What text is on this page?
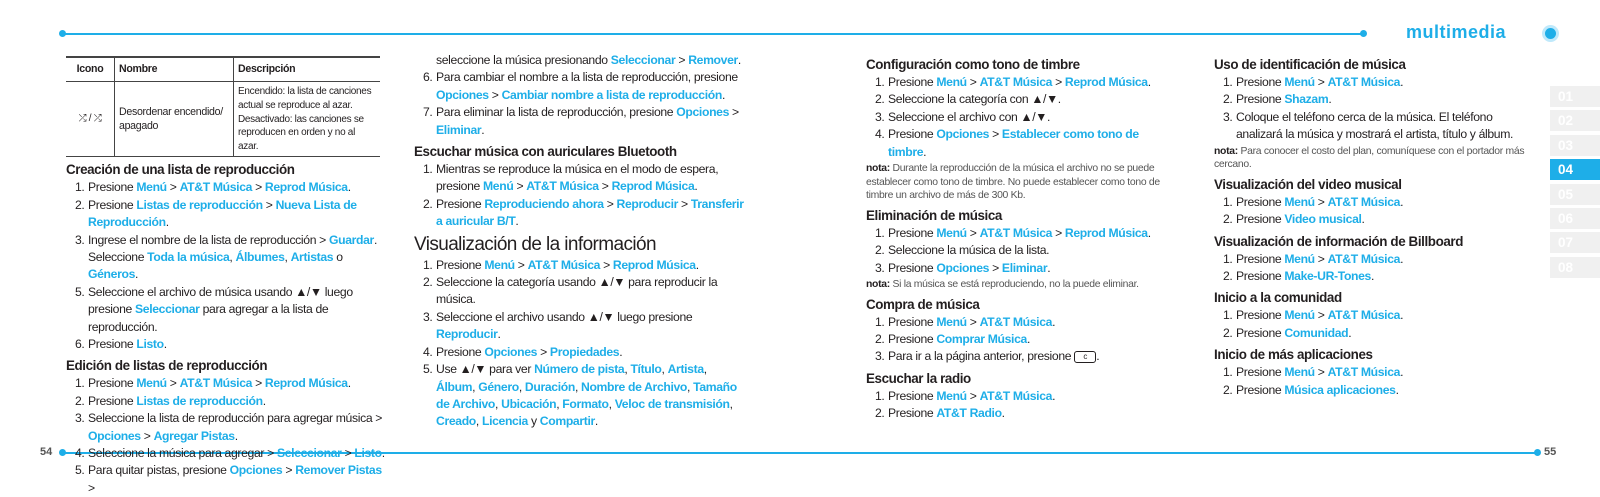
multimedia
54	55
01
02
03
04
05
06
07
08
Icono	Nombre	Descripción
⤮ / ⤮	Desordenar encendido/ apagado	Encendido: la lista de canciones actual se reproduce al azar. Desactivado: las canciones se reproducen en orden y no al azar.
Creación de una lista de reproducción
1.Presione Menú > AT&T Música > Reprod Música.
2.Presione Listas de reproducción > Nueva Lista de Reproducción.
3.Ingrese el nombre de la lista de reproducción > Guardar. Seleccione Toda la música, Álbumes, Artistas o Géneros.
5.Seleccione el archivo de música usando ▲/▼ luego presione Seleccionar para agregar a la lista de reproducción.
6.Presione Listo.
Edición de listas de reproducción
1.Presione Menú > AT&T Música > Reprod Música.
2.Presione Listas de reproducción.
3.Seleccione la lista de reproducción para agregar música > Opciones > Agregar Pistas.
4.Seleccione la música para agregar > Seleccionar > Listo.
5.Para quitar pistas, presione Opciones > Remover Pistas >
seleccione la música presionando Seleccionar > Remover.
6.Para cambiar el nombre a la lista de reproducción, presione Opciones > Cambiar nombre a lista de reproducción.
7.Para eliminar la lista de reproducción, presione Opciones > Eliminar.
Escuchar música con auriculares Bluetooth
1.Mientras se reproduce la música en el modo de espera, presione Menú > AT&T Música > Reprod Música.
2.Presione Reproduciendo ahora > Reproducir > Transferir a auricular B/T.
Visualización de la información
1.Presione Menú > AT&T Música > Reprod Música.
2.Seleccione la categoría usando ▲/▼ para reproducir la música.
3.Seleccione el archivo usando ▲/▼ luego presione Reproducir.
4.Presione Opciones > Propiedades.
5.Use ▲/▼ para ver Número de pista, Título, Artista, Álbum, Género, Duración, Nombre de Archivo, Tamaño de Archivo, Ubicación, Formato, Veloc de transmisión, Creado, Licencia y Compartir.
Configuración como tono de timbre
1.Presione Menú > AT&T Música > Reprod Música.
2.Seleccione la categoría con ▲/▼.
3.Seleccione el archivo con ▲/▼.
4.Presione Opciones > Establecer como tono de timbre.
nota: Durante la reproducción de la música el archivo no se puede establecer como tono de timbre. No puede establecer como tono de timbre un archivo de más de 300 Kb.
Eliminación de música
1.Presione Menú > AT&T Música > Reprod Música.
2.Seleccione la música de la lista.
3.Presione Opciones > Eliminar.
nota: Si la música se está reproduciendo, no la puede eliminar.
Compra de música
1.Presione Menú > AT&T Música.
2.Presione Comprar Música.
3.Para ir a la página anterior, presione c .
Escuchar la radio
1.Presione Menú > AT&T Música.
2.Presione AT&T Radio.
Uso de identificación de música
1.Presione Menú > AT&T Música.
2.Presione Shazam.
3.Coloque el teléfono cerca de la música. El teléfono analizará la música y mostrará el artista, título y álbum.
nota: Para conocer el costo del plan, comuníquese con el portador más cercano.
Visualización del video musical
1.Presione Menú > AT&T Música.
2.Presione Video musical.
Visualización de información de Billboard
1.Presione Menú > AT&T Música.
2.Presione Make-UR-Tones.
Inicio a la comunidad
1.Presione Menú > AT&T Música.
2.Presione Comunidad.
Inicio de más aplicaciones
1.Presione Menú > AT&T Música.
2.Presione Música aplicaciones.
